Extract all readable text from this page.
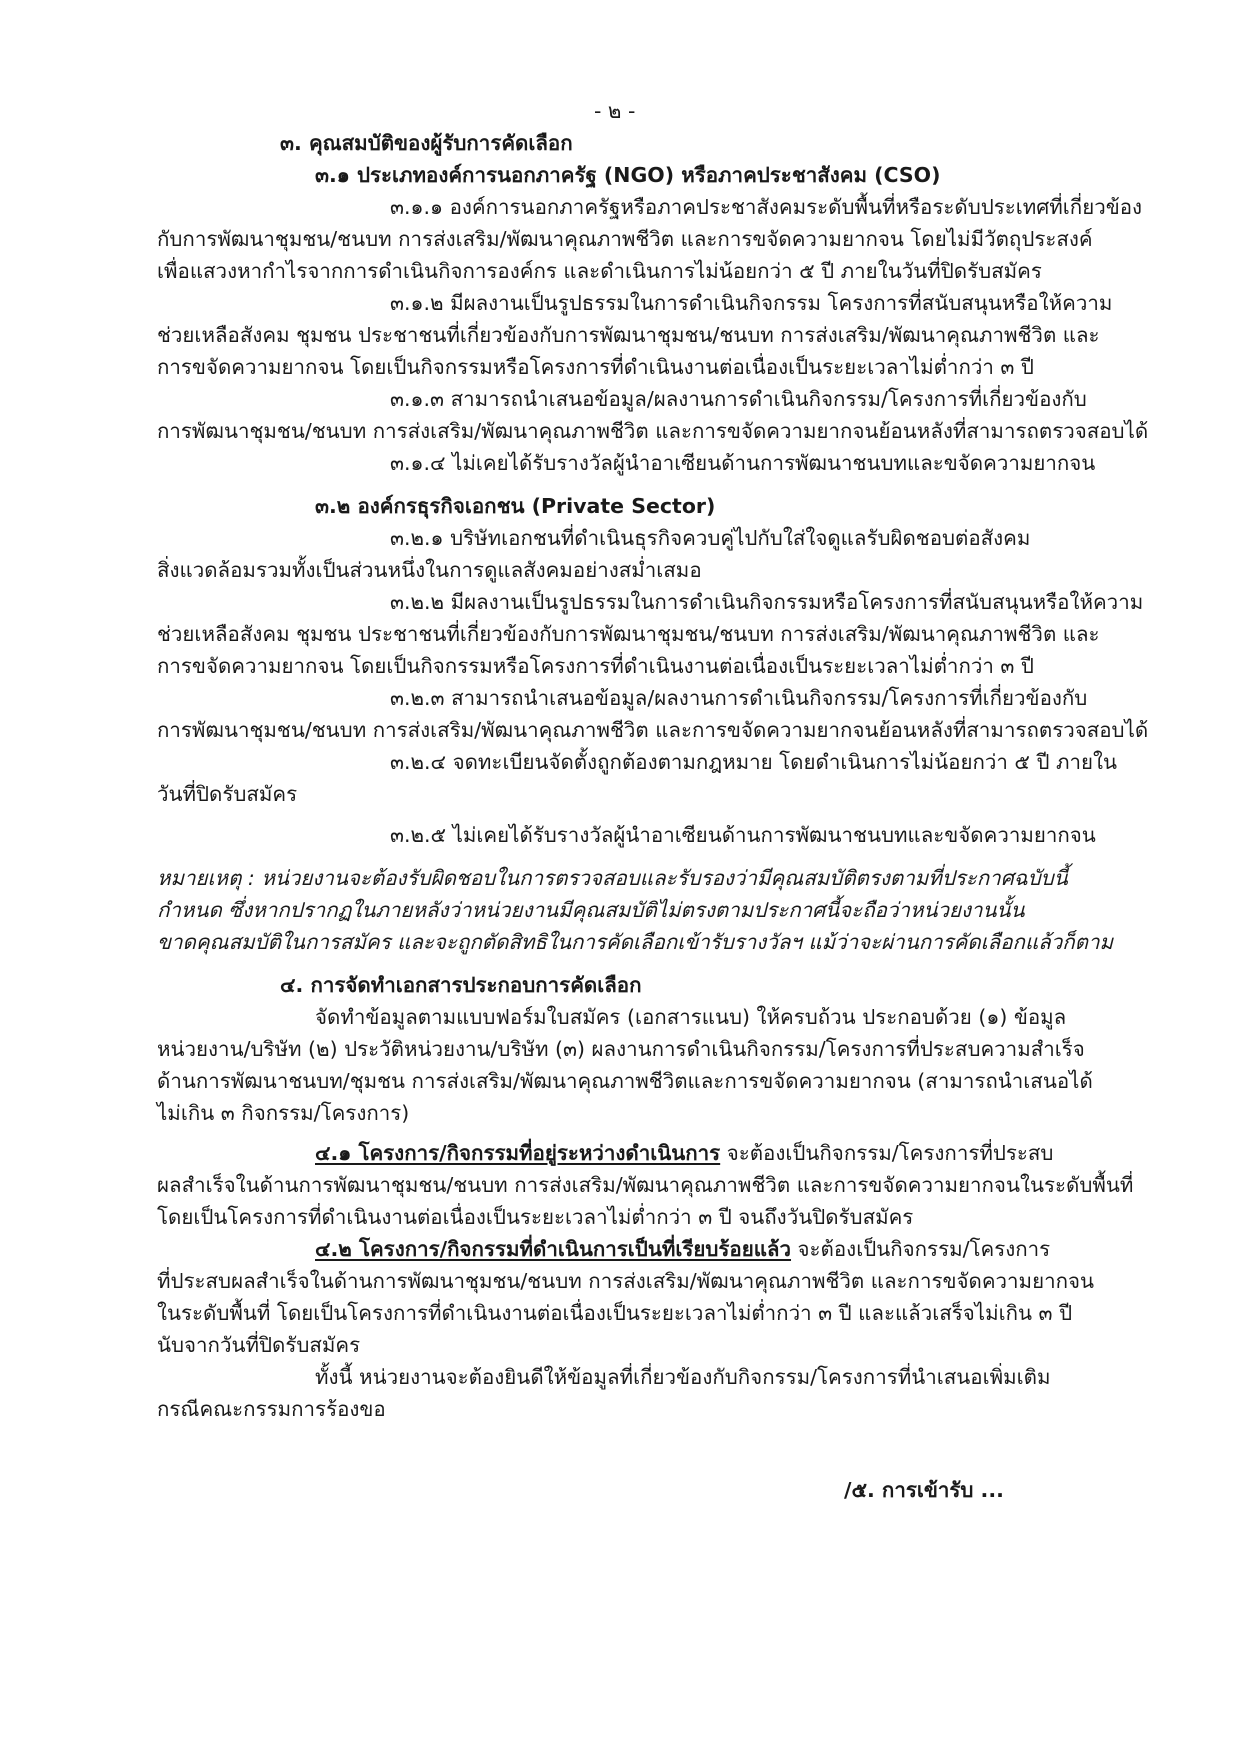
- ๒ -
๓. คุณสมบัติของผู้รับการคัดเลือก
๓.๑ ประเภทองค์การนอกภาครัฐ (NGO) หรือภาคประชาสังคม (CSO)
๓.๑.๑ องค์การนอกภาครัฐหรือภาคประชาสังคมระดับพื้นที่หรือระดับประเทศที่เกี่ยวข้อง
กับการพัฒนาชุมชน/ชนบท การส่งเสริม/พัฒนาคุณภาพชีวิต และการขจัดความยากจน โดยไม่มีวัตถุประสงค์
เพื่อแสวงหากำไรจากการดำเนินกิจการองค์กร และดำเนินการไม่น้อยกว่า ๕ ปี ภายในวันที่ปิดรับสมัคร
๓.๑.๒ มีผลงานเป็นรูปธรรมในการดำเนินกิจกรรม โครงการที่สนับสนุนหรือให้ความ
ช่วยเหลือสังคม ชุมชน ประชาชนที่เกี่ยวข้องกับการพัฒนาชุมชน/ชนบท การส่งเสริม/พัฒนาคุณภาพชีวิต และ
การขจัดความยากจน โดยเป็นกิจกรรมหรือโครงการที่ดำเนินงานต่อเนื่องเป็นระยะเวลาไม่ต่ำกว่า ๓ ปี
๓.๑.๓ สามารถนำเสนอข้อมูล/ผลงานการดำเนินกิจกรรม/โครงการที่เกี่ยวข้องกับ
การพัฒนาชุมชน/ชนบท การส่งเสริม/พัฒนาคุณภาพชีวิต และการขจัดความยากจนย้อนหลังที่สามารถตรวจสอบได้
๓.๑.๔ ไม่เคยได้รับรางวัลผู้นำอาเซียนด้านการพัฒนาชนบทและขจัดความยากจน
๓.๒ องค์กรธุรกิจเอกชน (Private Sector)
๓.๒.๑ บริษัทเอกชนที่ดำเนินธุรกิจควบคู่ไปกับใส่ใจดูแลรับผิดชอบต่อสังคม
สิ่งแวดล้อมรวมทั้งเป็นส่วนหนึ่งในการดูแลสังคมอย่างสม่ำเสมอ
๓.๒.๒ มีผลงานเป็นรูปธรรมในการดำเนินกิจกรรมหรือโครงการที่สนับสนุนหรือให้ความ
ช่วยเหลือสังคม ชุมชน ประชาชนที่เกี่ยวข้องกับการพัฒนาชุมชน/ชนบท การส่งเสริม/พัฒนาคุณภาพชีวิต และ
การขจัดความยากจน โดยเป็นกิจกรรมหรือโครงการที่ดำเนินงานต่อเนื่องเป็นระยะเวลาไม่ต่ำกว่า ๓ ปี
๓.๒.๓ สามารถนำเสนอข้อมูล/ผลงานการดำเนินกิจกรรม/โครงการที่เกี่ยวข้องกับ
การพัฒนาชุมชน/ชนบท การส่งเสริม/พัฒนาคุณภาพชีวิต และการขจัดความยากจนย้อนหลังที่สามารถตรวจสอบได้
๓.๒.๔ จดทะเบียนจัดตั้งถูกต้องตามกฎหมาย โดยดำเนินการไม่น้อยกว่า ๕ ปี ภายใน
วันที่ปิดรับสมัคร
๓.๒.๕ ไม่เคยได้รับรางวัลผู้นำอาเซียนด้านการพัฒนาชนบทและขจัดความยากจน
หมายเหตุ : หน่วยงานจะต้องรับผิดชอบในการตรวจสอบและรับรองว่ามีคุณสมบัติตรงตามที่ประกาศฉบับนี้
กำหนด ซึ่งหากปรากฏในภายหลังว่าหน่วยงานมีคุณสมบัติไม่ตรงตามประกาศนี้จะถือว่าหน่วยงานนั้น
ขาดคุณสมบัติในการสมัคร และจะถูกตัดสิทธิในการคัดเลือกเข้ารับรางวัลฯ แม้ว่าจะผ่านการคัดเลือกแล้วก็ตาม
๔. การจัดทำเอกสารประกอบการคัดเลือก
จัดทำข้อมูลตามแบบฟอร์มใบสมัคร (เอกสารแนบ) ให้ครบถ้วน ประกอบด้วย (๑) ข้อมูล
หน่วยงาน/บริษัท (๒) ประวัติหน่วยงาน/บริษัท (๓) ผลงานการดำเนินกิจกรรม/โครงการที่ประสบความสำเร็จ
ด้านการพัฒนาชนบท/ชุมชน การส่งเสริม/พัฒนาคุณภาพชีวิตและการขจัดความยากจน (สามารถนำเสนอได้
ไม่เกิน ๓ กิจกรรม/โครงการ)
๔.๑ โครงการ/กิจกรรมที่อยู่ระหว่างดำเนินการ จะต้องเป็นกิจกรรม/โครงการที่ประสบ
ผลสำเร็จในด้านการพัฒนาชุมชน/ชนบท การส่งเสริม/พัฒนาคุณภาพชีวิต และการขจัดความยากจนในระดับพื้นที่
โดยเป็นโครงการที่ดำเนินงานต่อเนื่องเป็นระยะเวลาไม่ต่ำกว่า ๓ ปี จนถึงวันปิดรับสมัคร
๔.๒ โครงการ/กิจกรรมที่ดำเนินการเป็นที่เรียบร้อยแล้ว จะต้องเป็นกิจกรรม/โครงการ
ที่ประสบผลสำเร็จในด้านการพัฒนาชุมชน/ชนบท การส่งเสริม/พัฒนาคุณภาพชีวิต และการขจัดความยากจน
ในระดับพื้นที่ โดยเป็นโครงการที่ดำเนินงานต่อเนื่องเป็นระยะเวลาไม่ต่ำกว่า ๓ ปี และแล้วเสร็จไม่เกิน ๓ ปี
นับจากวันที่ปิดรับสมัคร
ทั้งนี้ หน่วยงานจะต้องยินดีให้ข้อมูลที่เกี่ยวข้องกับกิจกรรม/โครงการที่นำเสนอเพิ่มเติม
กรณีคณะกรรมการร้องขอ
/๕. การเข้ารับ ...
